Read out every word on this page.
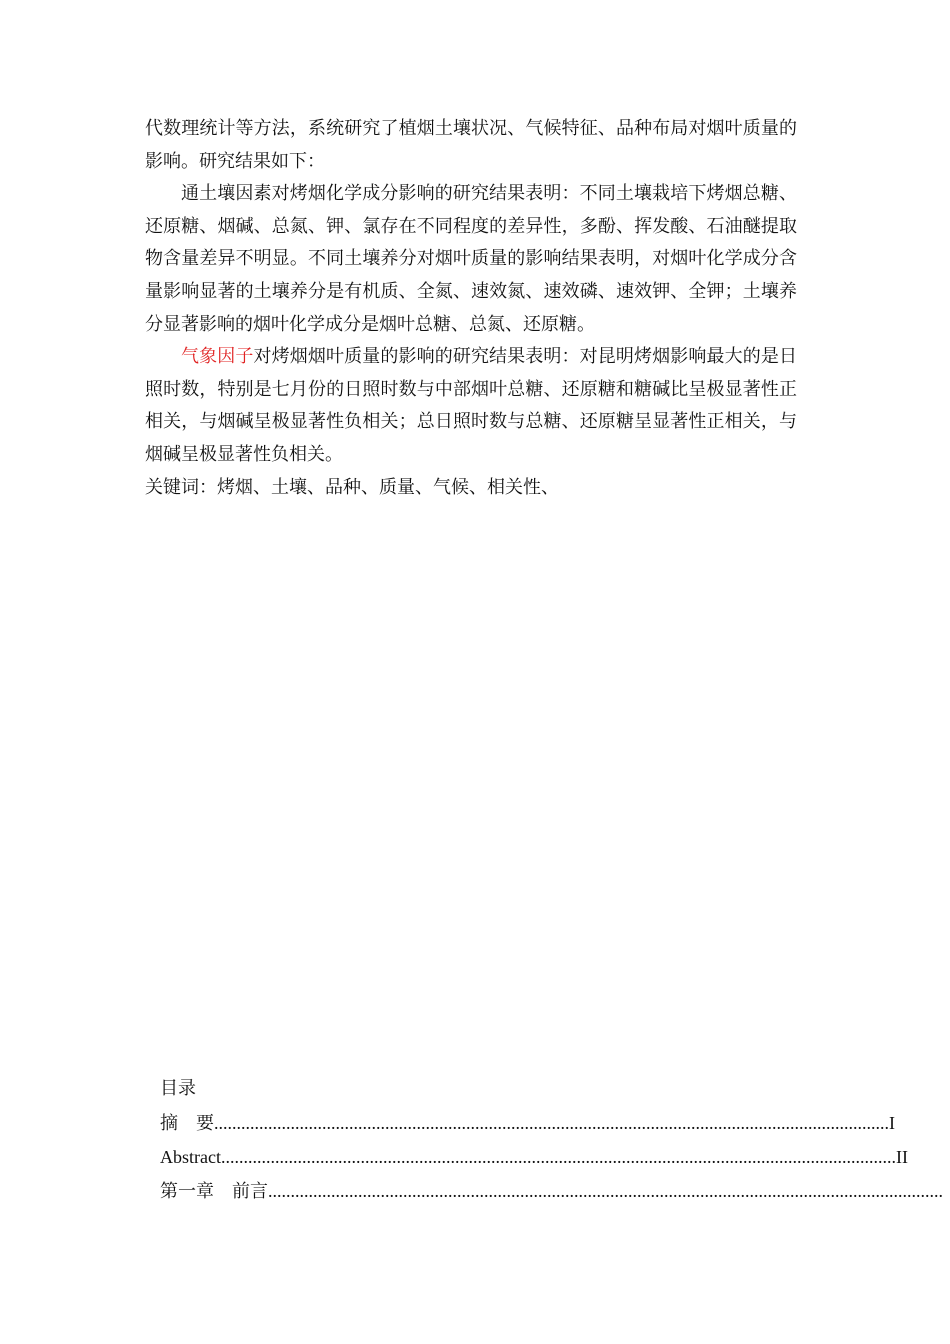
代数理统计等方法，系统研究了植烟土壤状况、气候特征、品种布局对烟叶质量的影响。研究结果如下：

通土壤因素对烤烟化学成分影响的研究结果表明：不同土壤栽培下烤烟总糖、还原糖、烟碱、总氮、钾、氯存在不同程度的差异性，多酚、挥发酸、石油醚提取物含量差异不明显。不同土壤养分对烟叶质量的影响结果表明，对烟叶化学成分含量影响显著的土壤养分是有机质、全氮、速效氮、速效磷、速效钾、全钾；土壤养分显著影响的烟叶化学成分是烟叶总糖、总氮、还原糖。

气象因子对烤烟烟叶质量的影响的研究结果表明：对昆明烤烟影响最大的是日照时数，特别是七月份的日照时数与中部烟叶总糖、还原糖和糖碱比呈极显著性正相关，与烟碱呈极显著性负相关；总日照时数与总糖、还原糖呈显著性正相关，与烟碱呈极显著性负相关。

关键词：烤烟、土壤、品种、质量、气候、相关性、

目录
摘　要 ...................................................................................................................................................... I
Abstract ...................................................................................................................................................... II
第一章　前言 ......................................................................................................................................................
